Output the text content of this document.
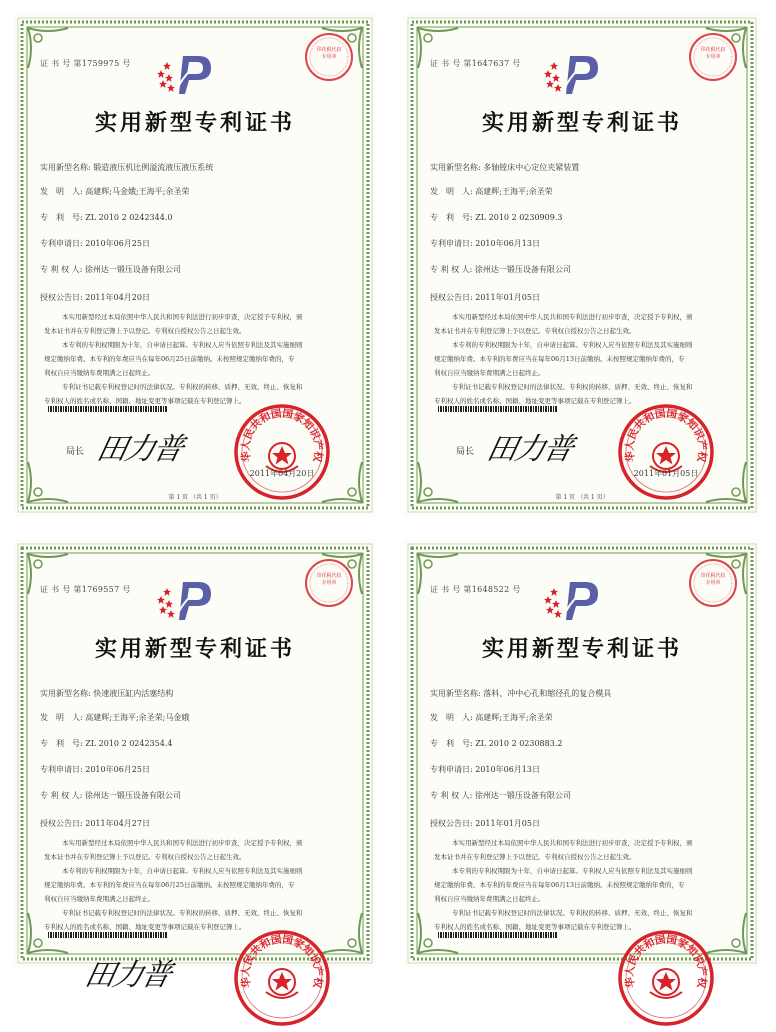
证 书 号 第1759975 号
印花税代扣专用章
实用新型专利证书
实用新型名称: 锻造液压机比例溢流液压液压系统
发　明　人: 高建辉;马金娥;王海平;余圣荣
专　利　号: ZL 2010 2 0242344.0
专利申请日: 2010年06月25日
专 利 权 人: 徐州达一锻压设备有限公司
授权公告日: 2011年04月20日

本实用新型经过本局依照中华人民共和国专利法进行初步审查，决定授予专利权，颁

发本证书并在专利登记簿上予以登记。专利权自授权公告之日起生效。

本专利的专利权期限为十年，自申请日起算。专利权人应当依照专利法及其实施细则

规定缴纳年费。本专利的年费应当在每年06月25日前缴纳。未按照规定缴纳年费的，专

利权自应当缴纳年费期满之日起终止。

专利证书记载专利权登记时的法律状况。专利权的转移、质押、无效、终止、恢复和

专利权人的姓名或名称、国籍、地址变更等事项记载在专利登记簿上。

华人民共和国国家知识产权
2011年04月20日
局长 田力普
第 1 页 （共 1 页）
证 书 号 第1647637 号
印花税代扣专用章
实用新型专利证书
实用新型名称: 多轴镗床中心定位夹紧装置
发　明　人: 高建辉;王海平;余圣荣
专　利　号: ZL 2010 2 0230909.3
专利申请日: 2010年06月13日
专 利 权 人: 徐州达一锻压设备有限公司
授权公告日: 2011年01月05日

本实用新型经过本局依照中华人民共和国专利法进行初步审查，决定授予专利权，颁

发本证书并在专利登记簿上予以登记。专利权自授权公告之日起生效。

本专利的专利权期限为十年，自申请日起算。专利权人应当依照专利法及其实施细则

规定缴纳年费。本专利的年费应当在每年06月13日前缴纳。未按照规定缴纳年费的，专

利权自应当缴纳年费期满之日起终止。

专利证书记载专利权登记时的法律状况。专利权的转移、质押、无效、终止、恢复和

专利权人的姓名或名称、国籍、地址变更等事项记载在专利登记簿上。

华人民共和国国家知识产权
2011年01月05日
局长 田力普
第 1 页 （共 1 页）
证 书 号 第1769557 号
印花税代扣专用章
实用新型专利证书
实用新型名称: 快速液压缸内活塞结构
发　明　人: 高建辉;王海平;余圣荣;马金娥
专　利　号: ZL 2010 2 0242354.4
专利申请日: 2010年06月25日
专 利 权 人: 徐州达一锻压设备有限公司
授权公告日: 2011年04月27日

本实用新型经过本局依照中华人民共和国专利法进行初步审查，决定授予专利权，颁

发本证书并在专利登记簿上予以登记。专利权自授权公告之日起生效。

本专利的专利权期限为十年，自申请日起算。专利权人应当依照专利法及其实施细则

规定缴纳年费。本专利的年费应当在每年06月25日前缴纳。未按照规定缴纳年费的，专

利权自应当缴纳年费期满之日起终止。

专利证书记载专利权登记时的法律状况。专利权的转移、质押、无效、终止、恢复和

专利权人的姓名或名称、国籍、地址变更等事项记载在专利登记簿上。

华人民共和国国家知识产权
田力普
证 书 号 第1648522 号
印花税代扣专用章
实用新型专利证书
实用新型名称: 落料、冲中心孔和缩径孔的复合模具
发　明　人: 高建辉;王海平;余圣荣
专　利　号: ZL 2010 2 0230883.2
专利申请日: 2010年06月13日
专 利 权 人: 徐州达一锻压设备有限公司
授权公告日: 2011年01月05日

本实用新型经过本局依照中华人民共和国专利法进行初步审查，决定授予专利权，颁

发本证书并在专利登记簿上予以登记。专利权自授权公告之日起生效。

本专利的专利权期限为十年，自申请日起算。专利权人应当依照专利法及其实施细则

规定缴纳年费。本专利的年费应当在每年06月13日前缴纳。未按照规定缴纳年费的，专

利权自应当缴纳年费期满之日起终止。

专利证书记载专利权登记时的法律状况。专利权的转移、质押、无效、终止、恢复和

专利权人的姓名或名称、国籍、地址变更等事项记载在专利登记簿上。

华人民共和国国家知识产权
